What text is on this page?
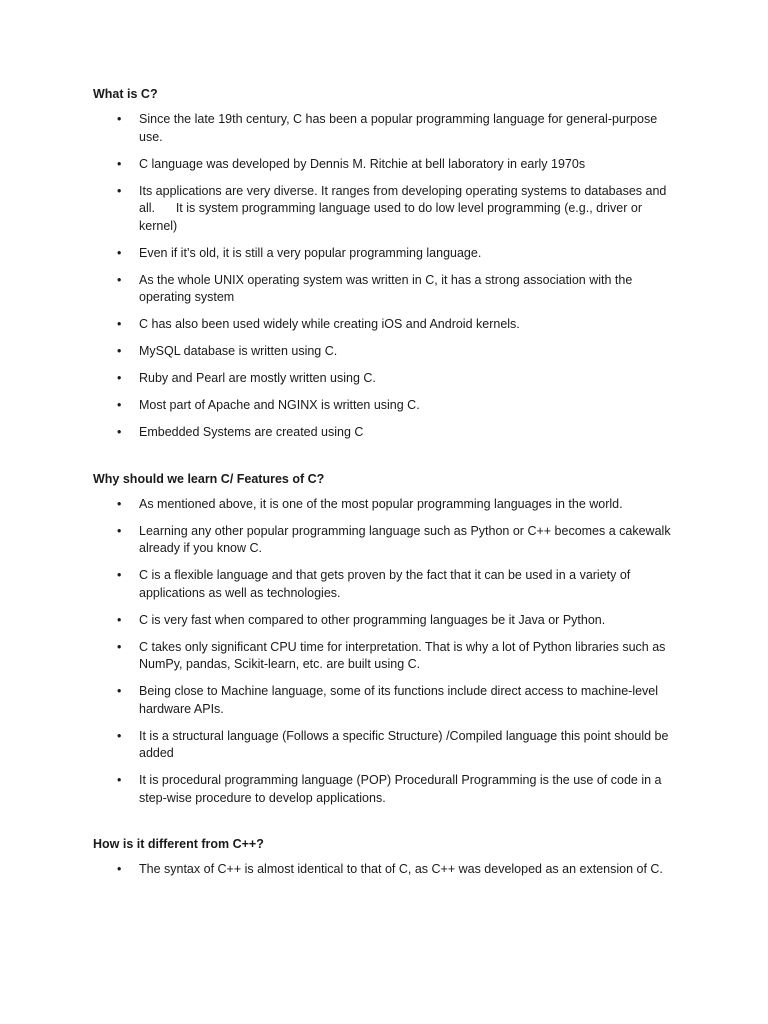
What is C?
• Since the late 19th century, C has been a popular programming language for general-purpose use.
• C language was developed by Dennis M. Ritchie at bell laboratory in early 1970s
• Its applications are very diverse. It ranges from developing operating systems to databases and all.      It is system programming language used to do low level programming (e.g., driver or kernel)
• Even if it’s old, it is still a very popular programming language.
• As the whole UNIX operating system was written in C, it has a strong association with the operating system
• C has also been used widely while creating iOS and Android kernels.
• MySQL database is written using C.
• Ruby and Pearl are mostly written using C.
• Most part of Apache and NGINX is written using C.
• Embedded Systems are created using C
Why should we learn C/ Features of C?
• As mentioned above, it is one of the most popular programming languages in the world.
• Learning any other popular programming language such as Python or C++ becomes a cakewalk already if you know C.
• C is a flexible language and that gets proven by the fact that it can be used in a variety of applications as well as technologies.
• C is very fast when compared to other programming languages be it Java or Python.
• C takes only significant CPU time for interpretation. That is why a lot of Python libraries such as NumPy, pandas, Scikit-learn, etc. are built using C.
• Being close to Machine language, some of its functions include direct access to machine-level hardware APIs.
• It is a structural language (Follows a specific Structure) /Compiled language this point should be added
• It is procedural programming language (POP) Procedurall Programming is the use of code in a step-wise procedure to develop applications.
How is it different from C++?
• The syntax of C++ is almost identical to that of C, as C++ was developed as an extension of C.
